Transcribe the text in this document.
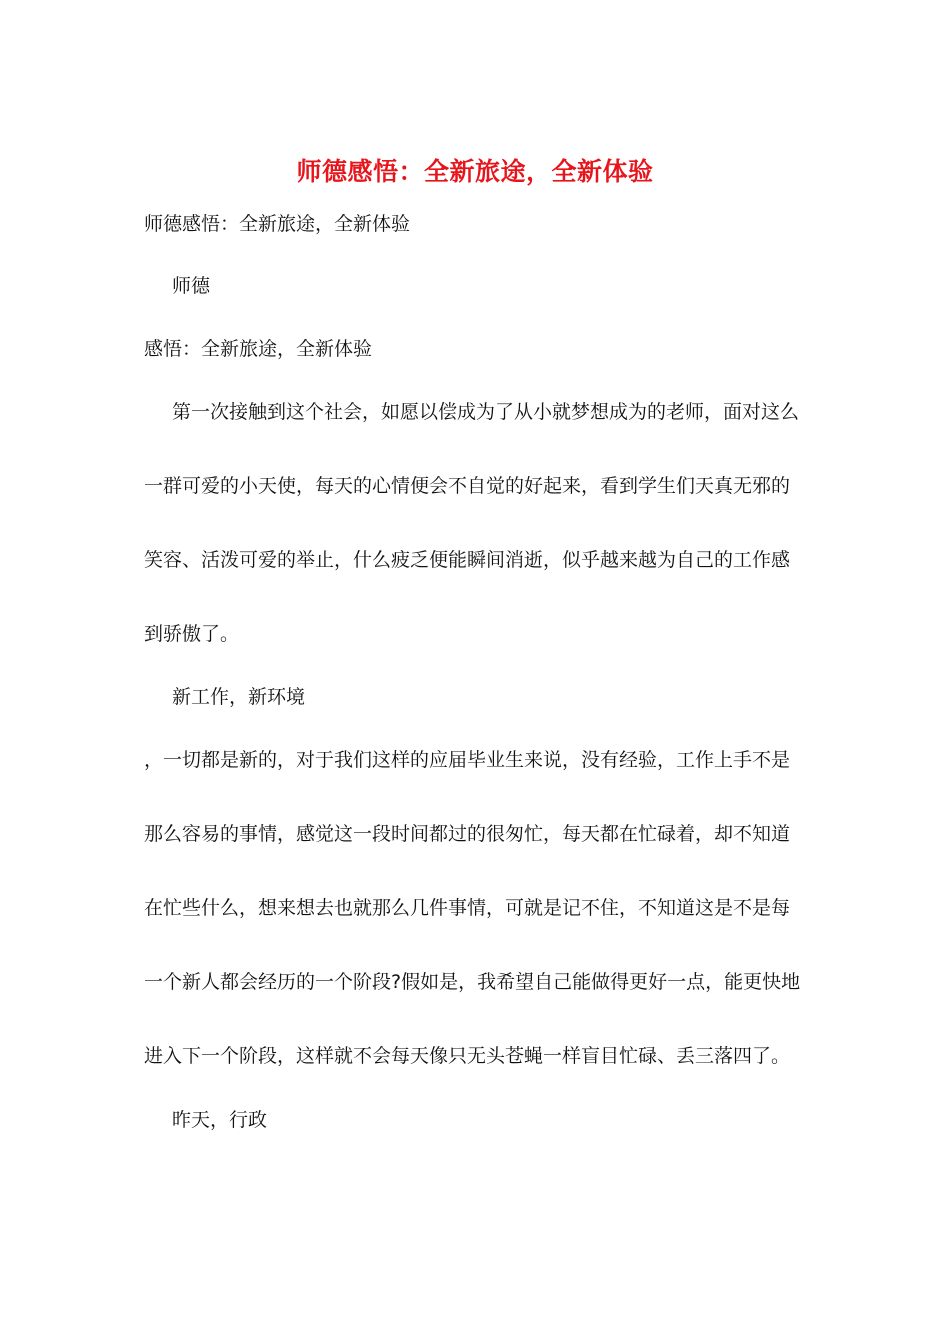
师德感悟：全新旅途，全新体验
师德感悟：全新旅途，全新体验
师德
感悟：全新旅途，全新体验
第一次接触到这个社会，如愿以偿成为了从小就梦想成为的老师，面对这么
一群可爱的小天使，每天的心情便会不自觉的好起来，看到学生们天真无邪的
笑容、活泼可爱的举止，什么疲乏便能瞬间消逝，似乎越来越为自己的工作感
到骄傲了。
新工作，新环境
，一切都是新的，对于我们这样的应届毕业生来说，没有经验，工作上手不是
那么容易的事情，感觉这一段时间都过的很匆忙，每天都在忙碌着，却不知道
在忙些什么，想来想去也就那么几件事情，可就是记不住，不知道这是不是每
一个新人都会经历的一个阶段?假如是，我希望自己能做得更好一点，能更快地
进入下一个阶段，这样就不会每天像只无头苍蝇一样盲目忙碌、丢三落四了。
昨天，行政
